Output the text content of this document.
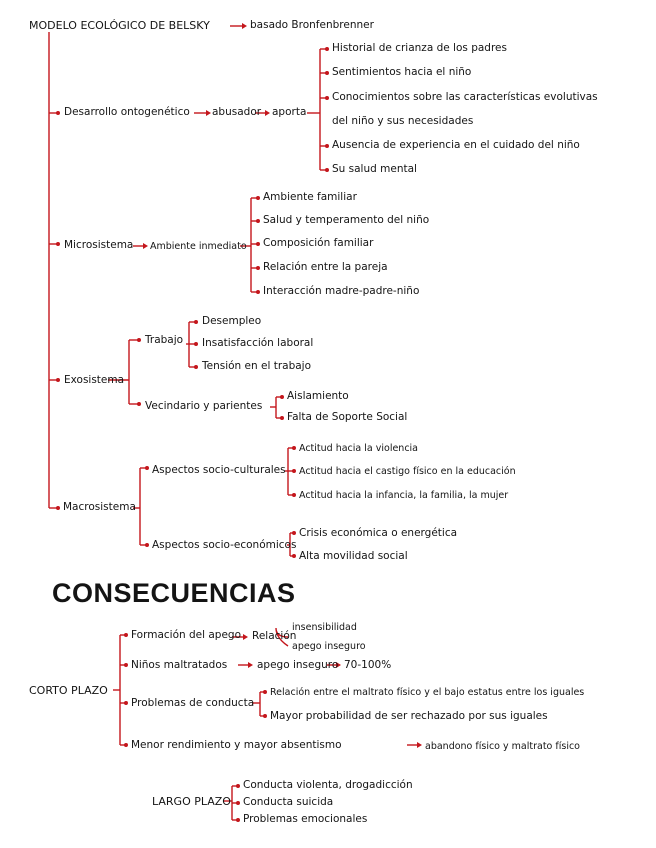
MODELO ECOLÓGICO DE BELSKY	basado Bronfenbrenner
Desarrollo ontogenético abusador aporta
Historial de crianza de los padres
Sentimientos hacia el niño
Conocimientos sobre las características evolutivas
del niño y sus necesidades
Ausencia de experiencia en el cuidado del niño
Su salud mental
Microsistema Ambiente inmediato
Ambiente familiar
Salud y temperamento del niño
Composición familiar
Relación entre la pareja
Interacción madre-padre-niño
Exosistema
Trabajo
Desempleo
Insatisfacción laboral
Tensión en el trabajo
Vecindario y parientes
Aislamiento
Falta de Soporte Social
Macrosistema
Aspectos socio-culturales
Actitud hacia la violencia
Actitud hacia el castigo físico en la educación
Actitud hacia la infancia, la familia, la mujer
Aspectos socio-económicos
Crisis económica o energética
Alta movilidad social
CONSECUENCIAS
CORTO PLAZO
Formación del apego Relación
insensibilidad
apego inseguro
Niños maltratados	apego inseguro 70-100%
Problemas de conducta
Relación entre el maltrato físico y el bajo estatus entre los iguales
Mayor probabilidad de ser rechazado por sus iguales
Menor rendimiento y mayor absentismo	abandono físico y maltrato físico
LARGO PLAZO
Conducta violenta, drogadicción
Conducta suicida
Problemas emocionales
